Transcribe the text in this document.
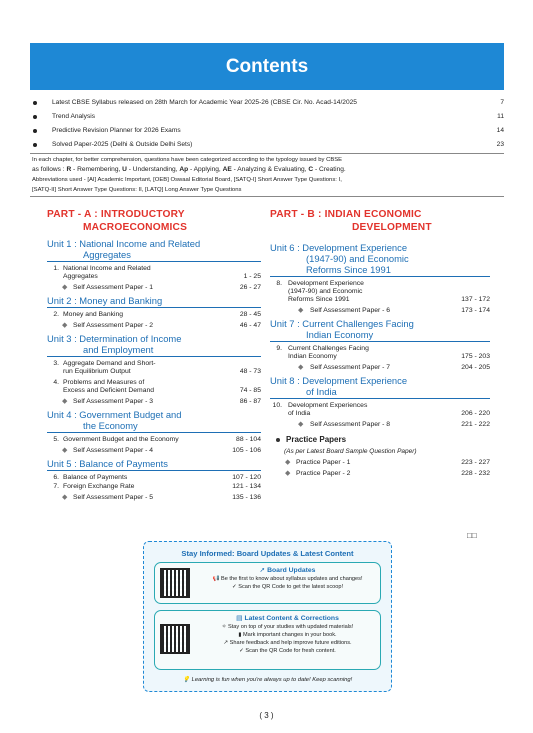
Contents
Latest CBSE Syllabus released on 28th March for Academic Year 2025-26 (CBSE Cir. No. Acad-14/2025	7
Trend Analysis	11
Predictive Revision Planner for 2026 Exams	14
Solved Paper-2025 (Delhi & Outside Delhi Sets)	23
In each chapter, for better comprehension, questions have been categorized according to the typology issued by CBSE
as follows : R - Remembering, U - Understanding, Ap - Applying, AE - Analyzing & Evaluating, C - Creating.
Abbreviations used - [AI] Academic Important, [OEB] Oswaal Editorial Board, [SATQ-I] Short Answer Type Questions: I,
[SATQ-II] Short Answer Type Questions: II, [LATQ] Long Answer Type Questions
PART - A : INTRODUCTORY
MACROECONOMICS
Unit 1 : National Income and Related
Aggregates
1. National Income and Related
Aggregates	1 - 25
◆ Self Assessment Paper - 1	26 - 27
Unit 2 : Money and Banking
2. Money and Banking	28 - 45
◆ Self Assessment Paper - 2	46 - 47
Unit 3 : Determination of Income
and Employment
3. Aggregate Demand and Short-
run Equilibrium Output	48 - 73
4. Problems and Measures of
Excess and Deficient Demand	74 - 85
◆ Self Assessment Paper - 3	86 - 87
Unit 4 : Government Budget and
the Economy
5. Government Budget and the Economy	88 - 104
◆ Self Assessment Paper - 4	105 - 106
Unit 5 : Balance of Payments
6. Balance of Payments	107 - 120
7. Foreign Exchange Rate	121 - 134
◆ Self Assessment Paper - 5	135 - 136
PART - B : INDIAN ECONOMIC
DEVELOPMENT
Unit 6 : Development Experience
(1947-90) and Economic
Reforms Since 1991
8. Development Experience
(1947-90) and Economic
Reforms Since 1991	137 - 172
◆ Self Assessment Paper - 6	173 - 174
Unit 7 : Current Challenges Facing
Indian Economy
9. Current Challenges Facing
Indian Economy	175 - 203
◆ Self Assessment Paper - 7	204 - 205
Unit 8 : Development Experience
of India
10. Development Experiences
of India	206 - 220
◆ Self Assessment Paper - 8	221 - 222
Practice Papers
(As per Latest Board Sample Question Paper)
◆ Practice Paper - 1	223 - 227
◆ Practice Paper - 2	228 - 232
□□
Stay Informed: Board Updates & Latest Content
➚ Board Updates
📢 Be the first to know about syllabus updates and changes!
✓ Scan the QR Code to get the latest scoop!
▤ Latest Content & Corrections
✧ Stay on top of your studies with updated materials!
▮ Mark important changes in your book.
↗ Share feedback and help improve future editions.
✓ Scan the QR Code for fresh content.
💡 Learning is fun when you're always up to date! Keep scanning!
( 3 )
